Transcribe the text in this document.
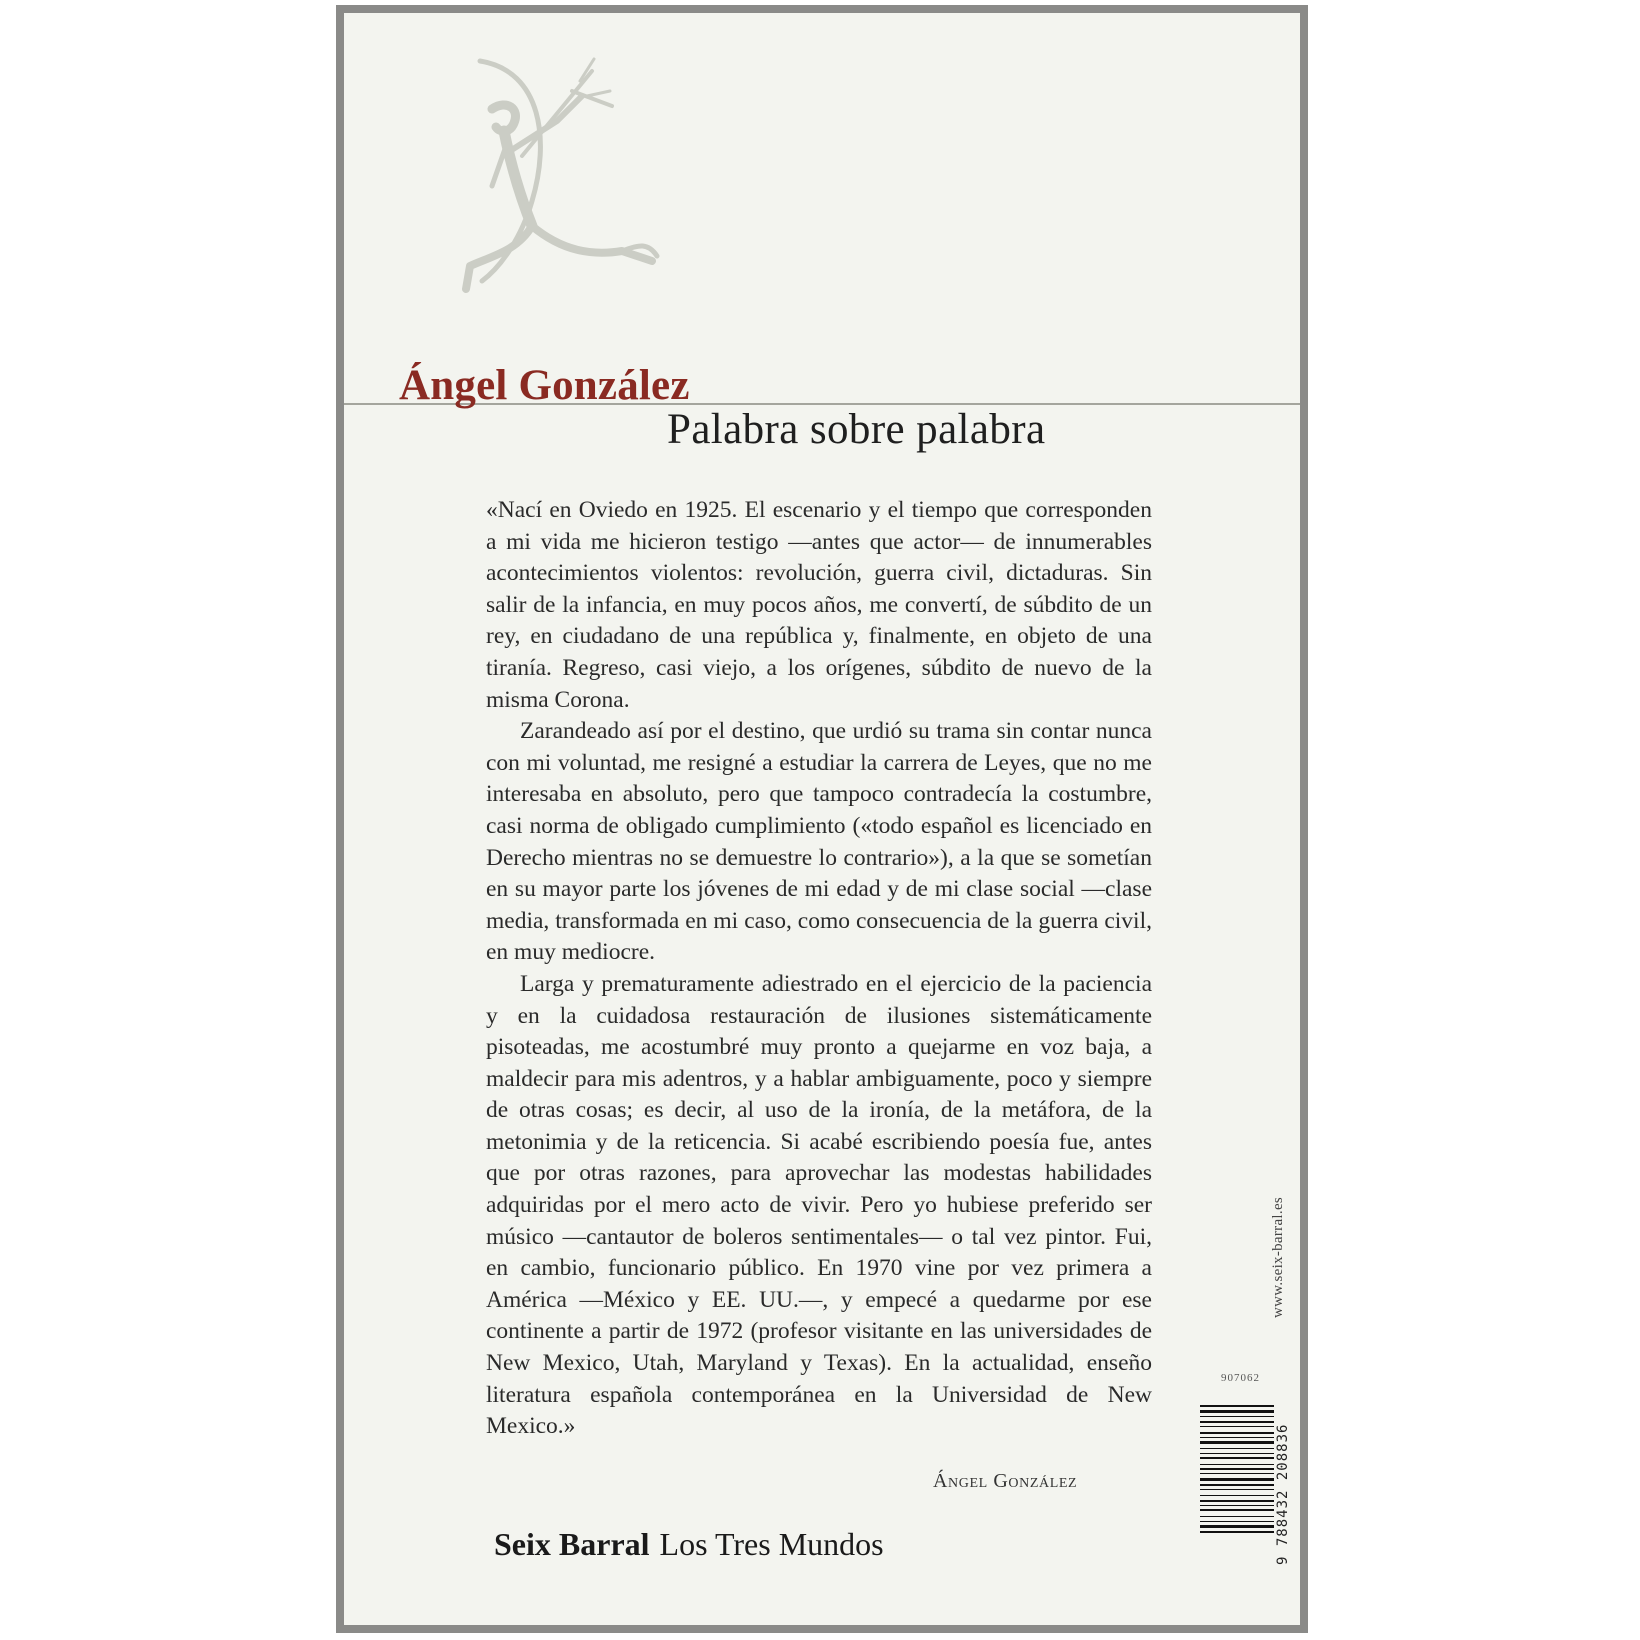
Ángel González
Palabra sobre palabra

«Nací en Oviedo en 1925. El escenario y el tiempo que corresponden a mi vida me hicieron testigo —antes que actor— de innumerables acontecimientos violentos: revolución, guerra civil, dictaduras. Sin salir de la infancia, en muy pocos años, me convertí, de súbdito de un rey, en ciudadano de una república y, finalmente, en objeto de una tiranía. Regreso, casi viejo, a los orígenes, súbdito de nuevo de la misma Corona.

Zarandeado así por el destino, que urdió su trama sin contar nunca con mi voluntad, me resigné a estudiar la carrera de Leyes, que no me interesaba en absoluto, pero que tampoco contradecía la costumbre, casi norma de obligado cumplimiento («todo español es licenciado en Derecho mientras no se demuestre lo contrario»), a la que se sometían en su mayor parte los jóvenes de mi edad y de mi clase social —clase media, transformada en mi caso, como consecuencia de la guerra civil, en muy mediocre.

Larga y prematuramente adiestrado en el ejercicio de la paciencia y en la cuidadosa restauración de ilusiones sistemáticamente pisoteadas, me acostumbré muy pronto a quejarme en voz baja, a maldecir para mis adentros, y a hablar ambiguamente, poco y siempre de otras cosas; es decir, al uso de la ironía, de la metáfora, de la metonimia y de la reticencia. Si acabé escribiendo poesía fue, antes que por otras razones, para aprovechar las modestas habilidades adquiridas por el mero acto de vivir. Pero yo hubiese preferido ser músico —cantautor de boleros sentimentales— o tal vez pintor. Fui, en cambio, funcionario público. En 1970 vine por vez primera a América —México y EE. UU.—, y empecé a quedarme por ese continente a partir de 1972 (profesor visitante en las universidades de New Mexico, Utah, Maryland y Texas). En la actualidad, enseño literatura española contemporánea en la Universidad de New Mexico.»

Ángel González
Seix Barral Los Tres Mundos
www.seix-barral.es
907062
9 788432 208836
